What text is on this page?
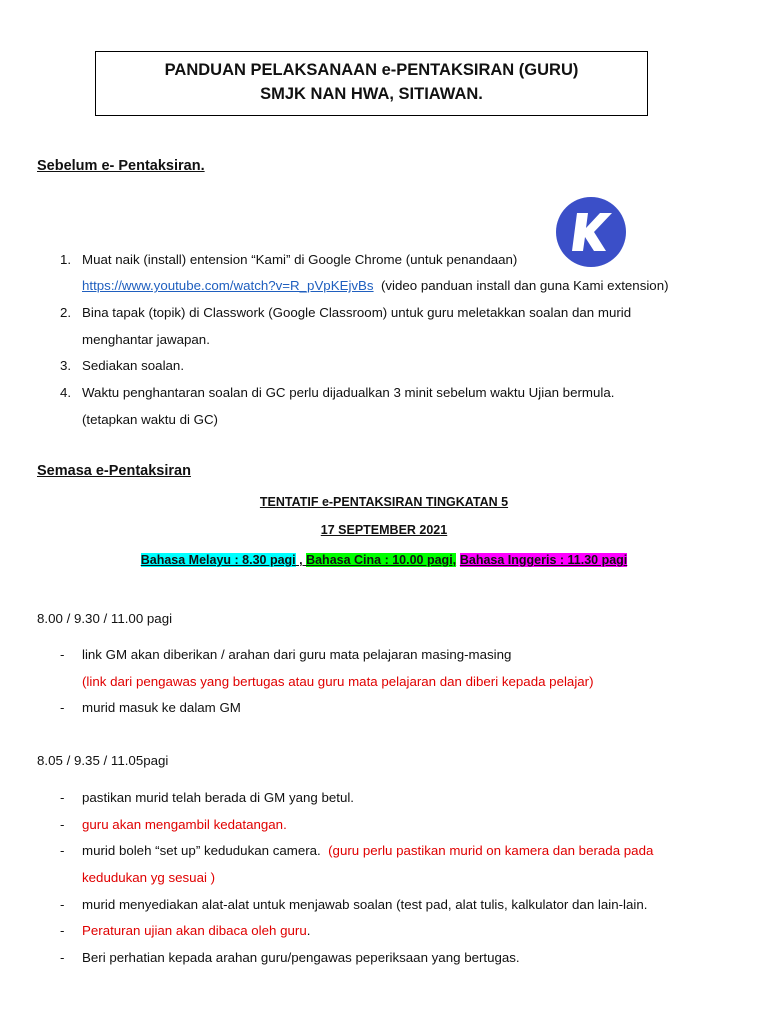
PANDUAN PELAKSANAAN e-PENTAKSIRAN (GURU)
SMJK NAN HWA, SITIAWAN.
Sebelum e- Pentaksiran.
1. Muat naik (install) entension “Kami” di Google Chrome (untuk penandaan)
https://www.youtube.com/watch?v=R_pVpKEjvBs (video panduan install dan guna Kami extension)
2. Bina tapak (topik) di Classwork (Google Classroom) untuk guru meletakkan soalan dan murid
menghantar jawapan.
3. Sediakan soalan.
4. Waktu penghantaran soalan di GC perlu dijadualkan 3 minit sebelum waktu Ujian bermula.
(tetapkan waktu di GC)
Semasa e-Pentaksiran
TENTATIF e-PENTAKSIRAN TINGKATAN 5
17 SEPTEMBER 2021
Bahasa Melayu : 8.30 pagi , Bahasa Cina : 10.00 pagi, Bahasa Inggeris : 11.30 pagi
8.00 / 9.30 / 11.00 pagi
- link GM akan diberikan / arahan dari guru mata pelajaran masing-masing
(link dari pengawas yang bertugas atau guru mata pelajaran dan diberi kepada pelajar)
- murid masuk ke dalam GM
8.05 / 9.35 / 11.05pagi
- pastikan murid telah berada di GM yang betul.
- guru akan mengambil kedatangan.
- murid boleh “set up” kedudukan camera. (guru perlu pastikan murid on kamera dan berada pada
kedudukan yg sesuai )
- murid menyediakan alat-alat untuk menjawab soalan (test pad, alat tulis, kalkulator dan lain-lain.
- Peraturan ujian akan dibaca oleh guru.
- Beri perhatian kepada arahan guru/pengawas peperiksaan yang bertugas.
